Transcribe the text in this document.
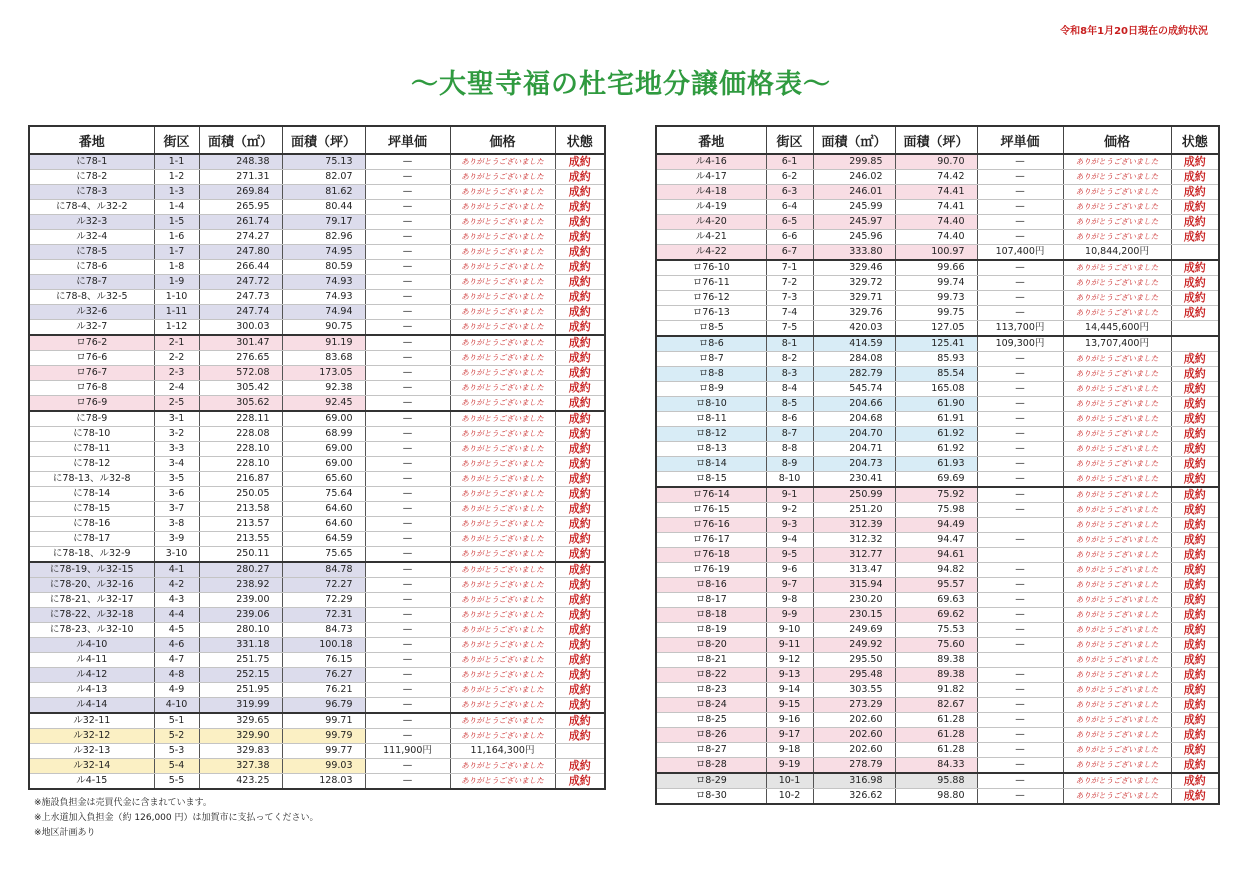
令和8年1月20日現在の成約状況
～大聖寺福の杜宅地分譲価格表～
番地	街区	面積（㎡）	面積（坪）	坪単価	価格	状態
に78-1	1-1	248.38	75.13	—	ありがとうございました	成約
に78-2	1-2	271.31	82.07	—	ありがとうございました	成約
に78-3	1-3	269.84	81.62	—	ありがとうございました	成約
に78-4、ル32-2	1-4	265.95	80.44	—	ありがとうございました	成約
ル32-3	1-5	261.74	79.17	—	ありがとうございました	成約
ル32-4	1-6	274.27	82.96	—	ありがとうございました	成約
に78-5	1-7	247.80	74.95	—	ありがとうございました	成約
に78-6	1-8	266.44	80.59	—	ありがとうございました	成約
に78-7	1-9	247.72	74.93	—	ありがとうございました	成約
に78-8、ル32-5	1-10	247.73	74.93	—	ありがとうございました	成約
ル32-6	1-11	247.74	74.94	—	ありがとうございました	成約
ル32-7	1-12	300.03	90.75	—	ありがとうございました	成約
ロ76-2	2-1	301.47	91.19	—	ありがとうございました	成約
ロ76-6	2-2	276.65	83.68	—	ありがとうございました	成約
ロ76-7	2-3	572.08	173.05	—	ありがとうございました	成約
ロ76-8	2-4	305.42	92.38	—	ありがとうございました	成約
ロ76-9	2-5	305.62	92.45	—	ありがとうございました	成約
に78-9	3-1	228.11	69.00	—	ありがとうございました	成約
に78-10	3-2	228.08	68.99	—	ありがとうございました	成約
に78-11	3-3	228.10	69.00	—	ありがとうございました	成約
に78-12	3-4	228.10	69.00	—	ありがとうございました	成約
に78-13、ル32-8	3-5	216.87	65.60	—	ありがとうございました	成約
に78-14	3-6	250.05	75.64	—	ありがとうございました	成約
に78-15	3-7	213.58	64.60	—	ありがとうございました	成約
に78-16	3-8	213.57	64.60	—	ありがとうございました	成約
に78-17	3-9	213.55	64.59	—	ありがとうございました	成約
に78-18、ル32-9	3-10	250.11	75.65	—	ありがとうございました	成約
に78-19、ル32-15	4-1	280.27	84.78	—	ありがとうございました	成約
に78-20、ル32-16	4-2	238.92	72.27	—	ありがとうございました	成約
に78-21、ル32-17	4-3	239.00	72.29	—	ありがとうございました	成約
に78-22、ル32-18	4-4	239.06	72.31	—	ありがとうございました	成約
に78-23、ル32-10	4-5	280.10	84.73	—	ありがとうございました	成約
ル4-10	4-6	331.18	100.18	—	ありがとうございました	成約
ル4-11	4-7	251.75	76.15	—	ありがとうございました	成約
ル4-12	4-8	252.15	76.27	—	ありがとうございました	成約
ル4-13	4-9	251.95	76.21	—	ありがとうございました	成約
ル4-14	4-10	319.99	96.79	—	ありがとうございました	成約
ル32-11	5-1	329.65	99.71	—	ありがとうございました	成約
ル32-12	5-2	329.90	99.79	—	ありがとうございました	成約
ル32-13	5-3	329.83	99.77	111,900円	11,164,300円	
ル32-14	5-4	327.38	99.03	—	ありがとうございました	成約
ル4-15	5-5	423.25	128.03	—	ありがとうございました	成約
番地	街区	面積（㎡）	面積（坪）	坪単価	価格	状態
ル4-16	6-1	299.85	90.70	—	ありがとうございました	成約
ル4-17	6-2	246.02	74.42	—	ありがとうございました	成約
ル4-18	6-3	246.01	74.41	—	ありがとうございました	成約
ル4-19	6-4	245.99	74.41	—	ありがとうございました	成約
ル4-20	6-5	245.97	74.40	—	ありがとうございました	成約
ル4-21	6-6	245.96	74.40	—	ありがとうございました	成約
ル4-22	6-7	333.80	100.97	107,400円	10,844,200円	
ロ76-10	7-1	329.46	99.66	—	ありがとうございました	成約
ロ76-11	7-2	329.72	99.74	—	ありがとうございました	成約
ロ76-12	7-3	329.71	99.73	—	ありがとうございました	成約
ロ76-13	7-4	329.76	99.75	—	ありがとうございました	成約
ロ8-5	7-5	420.03	127.05	113,700円	14,445,600円	
ロ8-6	8-1	414.59	125.41	109,300円	13,707,400円	
ロ8-7	8-2	284.08	85.93	—	ありがとうございました	成約
ロ8-8	8-3	282.79	85.54	—	ありがとうございました	成約
ロ8-9	8-4	545.74	165.08	—	ありがとうございました	成約
ロ8-10	8-5	204.66	61.90	—	ありがとうございました	成約
ロ8-11	8-6	204.68	61.91	—	ありがとうございました	成約
ロ8-12	8-7	204.70	61.92	—	ありがとうございました	成約
ロ8-13	8-8	204.71	61.92	—	ありがとうございました	成約
ロ8-14	8-9	204.73	61.93	—	ありがとうございました	成約
ロ8-15	8-10	230.41	69.69	—	ありがとうございました	成約
ロ76-14	9-1	250.99	75.92	—	ありがとうございました	成約
ロ76-15	9-2	251.20	75.98	—	ありがとうございました	成約
ロ76-16	9-3	312.39	94.49		ありがとうございました	成約
ロ76-17	9-4	312.32	94.47	—	ありがとうございました	成約
ロ76-18	9-5	312.77	94.61		ありがとうございました	成約
ロ76-19	9-6	313.47	94.82	—	ありがとうございました	成約
ロ8-16	9-7	315.94	95.57	—	ありがとうございました	成約
ロ8-17	9-8	230.20	69.63	—	ありがとうございました	成約
ロ8-18	9-9	230.15	69.62	—	ありがとうございました	成約
ロ8-19	9-10	249.69	75.53	—	ありがとうございました	成約
ロ8-20	9-11	249.92	75.60	—	ありがとうございました	成約
ロ8-21	9-12	295.50	89.38		ありがとうございました	成約
ロ8-22	9-13	295.48	89.38	—	ありがとうございました	成約
ロ8-23	9-14	303.55	91.82	—	ありがとうございました	成約
ロ8-24	9-15	273.29	82.67	—	ありがとうございました	成約
ロ8-25	9-16	202.60	61.28	—	ありがとうございました	成約
ロ8-26	9-17	202.60	61.28	—	ありがとうございました	成約
ロ8-27	9-18	202.60	61.28	—	ありがとうございました	成約
ロ8-28	9-19	278.79	84.33	—	ありがとうございました	成約
ロ8-29	10-1	316.98	95.88	—	ありがとうございました	成約
ロ8-30	10-2	326.62	98.80	—	ありがとうございました	成約
※施設負担金は売買代金に含まれています。
※上水道加入負担金（約 126,000 円）は加賀市に支払ってください。
※地区計画あり
